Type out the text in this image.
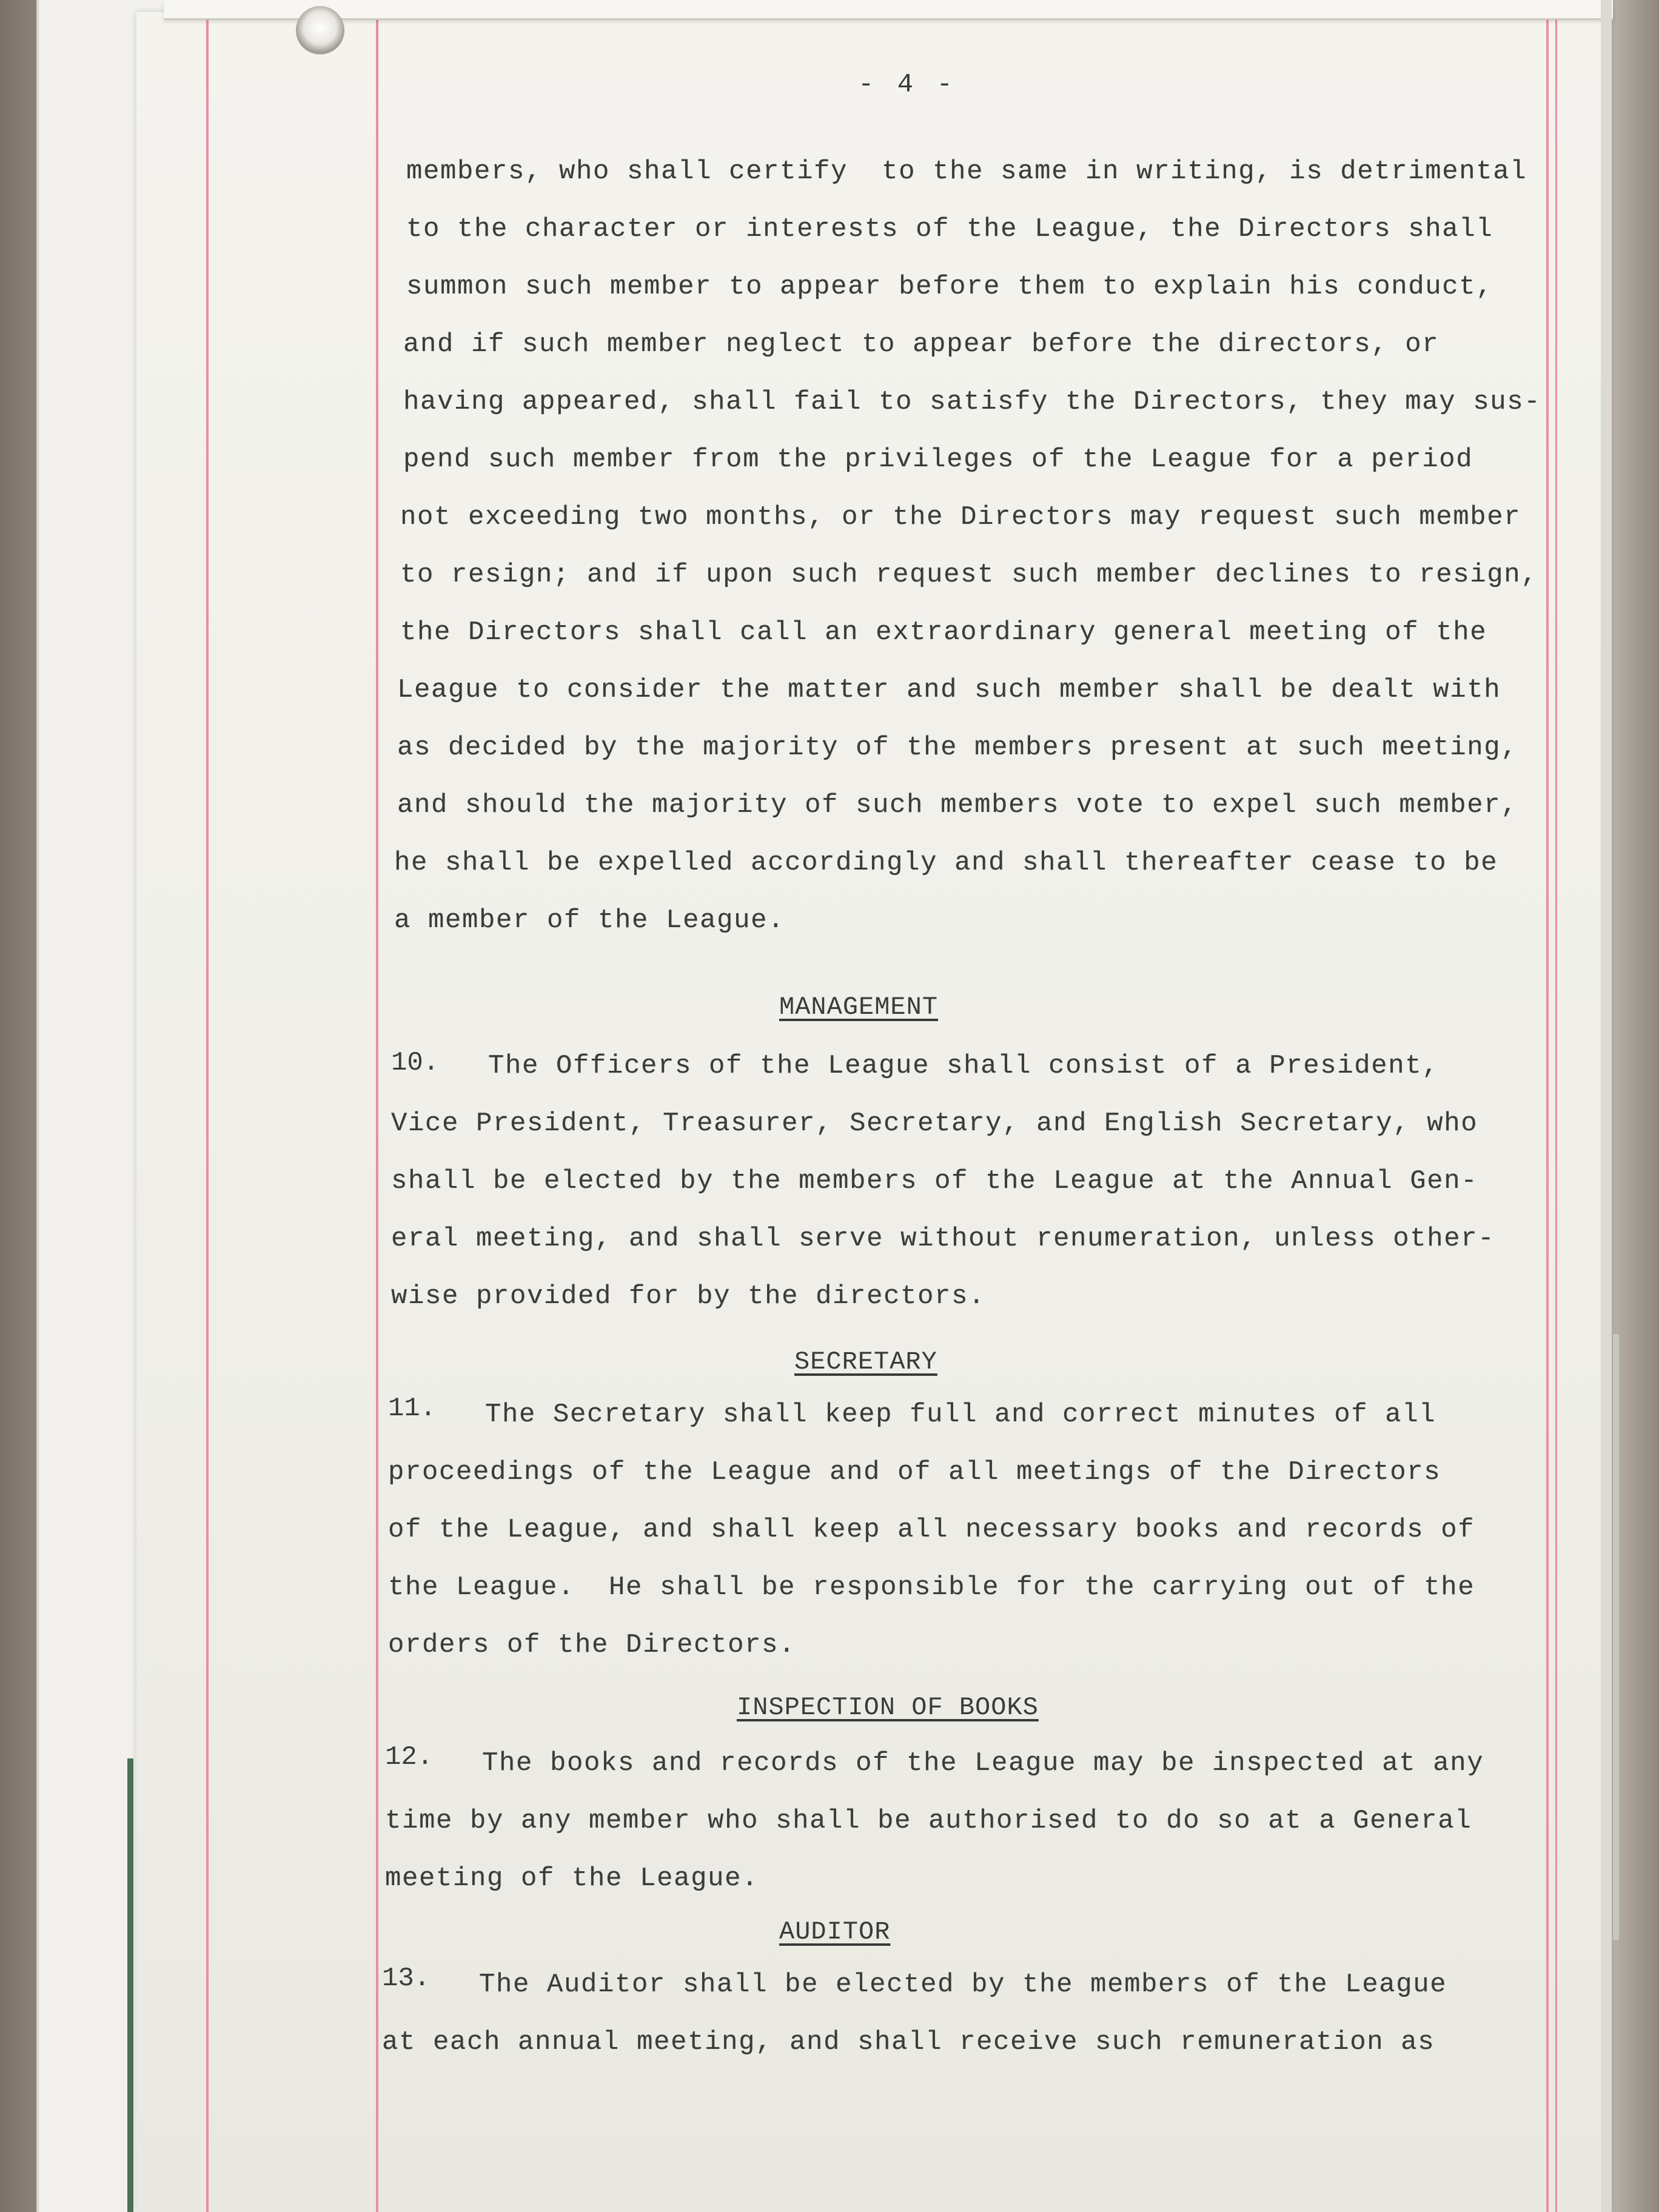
- 4 -
members, who shall certify  to the same in writing, is detrimental
to the character or interests of the League, the Directors shall
summon such member to appear before them to explain his conduct,
and if such member neglect to appear before the directors, or
having appeared, shall fail to satisfy the Directors, they may sus-
pend such member from the privileges of the League for a period
not exceeding two months, or the Directors may request such member
to resign; and if upon such request such member declines to resign,
the Directors shall call an extraordinary general meeting of the
League to consider the matter and such member shall be dealt with
as decided by the majority of the members present at such meeting,
and should the majority of such members vote to expel such member,
he shall be expelled accordingly and shall thereafter cease to be
a member of the League.
MANAGEMENT
10. The Officers of the League shall consist of a President,
Vice President, Treasurer, Secretary, and English Secretary, who
shall be elected by the members of the League at the Annual Gen-
eral meeting, and shall serve without renumeration, unless other-
wise provided for by the directors.
SECRETARY
11. The Secretary shall keep full and correct minutes of all
proceedings of the League and of all meetings of the Directors
of the League, and shall keep all necessary books and records of
the League.  He shall be responsible for the carrying out of the
orders of the Directors.
INSPECTION OF BOOKS
12. The books and records of the League may be inspected at any
time by any member who shall be authorised to do so at a General
meeting of the League.
AUDITOR
13. The Auditor shall be elected by the members of the League
at each annual meeting, and shall receive such remuneration as
